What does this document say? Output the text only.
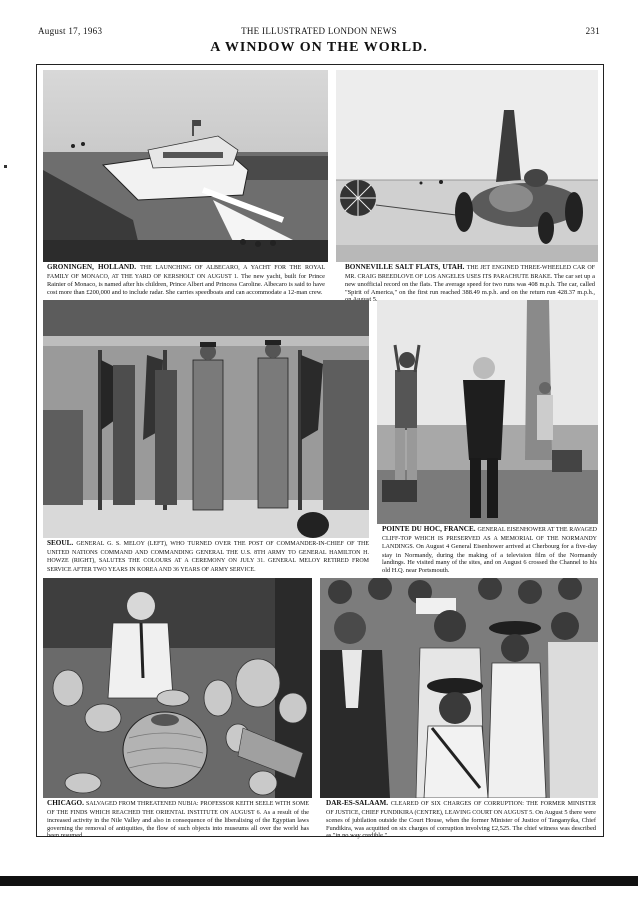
August 17, 1963	THE ILLUSTRATED LONDON NEWS	231
A WINDOW ON THE WORLD.
GRONINGEN, HOLLAND. THE LAUNCHING OF ALBECARO, A YACHT FOR THE ROYAL FAMILY OF MONACO, AT THE YARD OF KERSHOLT ON AUGUST 1. The new yacht, built for Prince Rainier of Monaco, is named after his children, Prince Albert and Princess Caroline. Albecaro is said to have cost more than £200,000 and to include radar. She carries speedboats and can accommodate a 12-man crew.
BONNEVILLE SALT FLATS, UTAH. THE JET ENGINED THREE-WHEELED CAR OF MR. CRAIG BREEDLOVE OF LOS ANGELES USES ITS PARACHUTE BRAKE. The car set up a new unofficial record on the flats. The average speed for two runs was 408 m.p.h. The car, called "Spirit of America," on the first run reached 388.49 m.p.h. and on the return run 428.37 m.p.h., 5.
SEOUL. GENERAL G. S. MELOY (LEFT), WHO TURNED OVER THE POST OF COMMANDER-IN-CHIEF OF THE UNITED NATIONS COMMAND AND COMMANDING GENERAL THE U.S. 8TH ARMY TO GENERAL HAMILTON H. HOWZE (RIGHT), SALUTES THE COLOURS AT A CEREMONY ON JULY 31. GENERAL MELOY RETIRED FROM SERVICE AFTER TWO YEARS IN KOREA AND 36 YEARS OF ARMY SERVICE.
POINTE DU HOC, FRANCE. GENERAL EISENHOWER AT THE RAVAGED CLIFF-TOP WHICH IS PRESERVED AS A MEMORIAL OF THE NORMANDY LANDINGS. On August 4 General Eisenhower arrived at Cherbourg for a five-day stay in Normandy, during the making of a television film of the Normandy landings. He visited many of the sites, and on August 6 crossed the Channel to his old H.Q. near Portsmouth.
CHICAGO. SALVAGED FROM THREATENED NUBIA: PROFESSOR KEITH SEELE WITH SOME OF THE FINDS WHICH REACHED THE ORIENTAL INSTITUTE ON AUGUST 6. As a result of the increased activity in the Nile Valley and also in consequence of the liberalising of the Egyptian laws governing the removal of antiquities, the flow of such objects into museums all over the world has been resumed.
DAR-ES-SALAAM. CLEARED OF SIX CHARGES OF CORRUPTION: THE FORMER MINISTER OF JUSTICE, CHIEF FUNDIKIRA (CENTRE), LEAVING COURT ON AUGUST 5. On August 5 there were scenes of jubilation outside the Court House, when the former Minister of Justice of Tanganyika, Chief Fundikira, was acquitted on six charges of corruption involving £2,525. The chief witness was described as "in no way credible."
